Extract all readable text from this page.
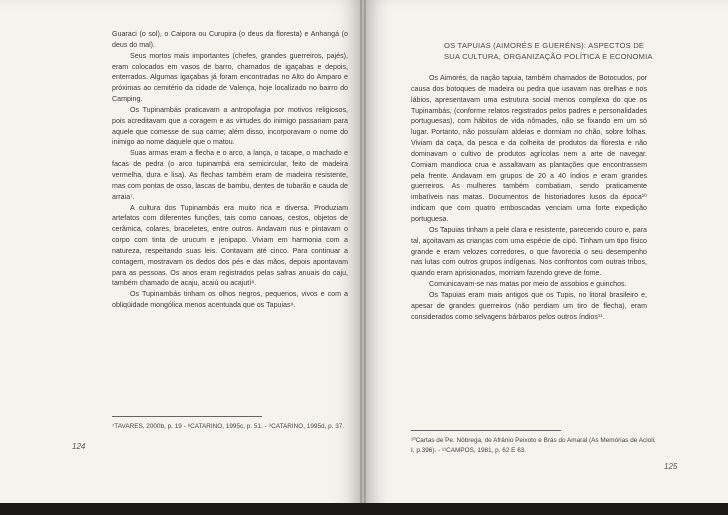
Guaraci (o sol), o Caipora ou Curupira (o deus da floresta) e Anhangá (o deus do mal).

Seus mortos mais importantes (chefes, grandes guerreiros, pajés), eram colocados em vasos de barro, chamados de igaçabas e depois, enterrados. Algumas igaçabas já foram encontradas no Alto do Amparo e próximas ao cemitério da cidade de Valença, hoje localizado no bairro do Camping.

Os Tupinambás praticavam a antropofagia por motivos religiosos, pois acreditavam que a coragem e as virtudes do inimigo passariam para aquele que comesse de sua carne; além disso, incorporavam o nome do inimigo ao nome daquele que o matou.

Suas armas eram a flecha e o arco, a lança, o tacape, o machado e facas de pedra (o arco tupinambá era semicircular, feito de madeira vermelha, dura e lisa). As flechas também eram de madeira resistente, mas com pontas de osso, lascas de bambu, dentes de tubarão e cauda de arraia⁷.

A cultura dos Tupinambás era muito rica e diversa. Produziam artefatos com diferentes funções, tais como canoas, cestos, objetos de cerâmica, colares, braceletes, entre outros. Andavam nus e pintavam o corpo com tinta de urucum e jenipapo. Viviam em harmonia com a natureza, respeitando suas leis. Contavam até cinco. Para continuar a contagem, mostravam os dedos dos pés e das mãos, depois apontavam para as pessoas. Os anos eram registrados pelas safras anuais do caju, também chamado de acaju, acaiú ou acajutí⁸.

Os Tupinambás tinham os olhos negros, pequenos, vivos e com a obliqüidade mongólica menos acentuada que os Tapuias⁹.

⁷TAVARES, 2000b, p. 19 - ⁸CATARINO, 1995c, p. 51. - ⁹CATARINO, 1995d, p. 37.
124
OS TAPUIAS (AIMORÉS E GUERÉNS): ASPECTOS DE SUA CULTURA, ORGANIZAÇÃO POLÍTICA E ECONOMIA

Os Aimorés, da nação tapuia, também chamados de Botocudos, por causa dos botoques de madeira ou pedra que usavam nas orelhas e nos lábios, apresentavam uma estrutura social menos complexa do que os Tupinambás, (conforme relatos registrados pelos padres e personalidades portuguesas), com hábitos de vida nômades, não se fixando em um só lugar. Portanto, não possuíam aldeias e dormiam no chão, sobre folhas. Viviam da caça, da pesca e da colheita de produtos da floresta e não dominavam o cultivo de produtos agrícolas nem a arte de navegar. Comiam mandioca crua e assaltavam as plantações que encontrassem pela frente. Andavam em grupos de 20 a 40 índios e eram grandes guerreiros. As mulheres também combatiam, sendo praticamente imbatíveis nas matas. Documentos de historiadores lusos da época¹⁰ indicam que com quatro emboscadas venciam uma forte expedição portuguesa.

Os Tapuias tinham a pele clara e resistente, parecendo couro e, para tal, açoitavam as crianças com uma espécie de cipó. Tinham um tipo físico grande e eram velozes corredores, o que favorecia o seu desempenho nas lutas com outros grupos indígenas. Nos confrontos com outras tribos, quando eram aprisionados, morriam fazendo greve de fome.

Comunicavam-se nas matas por meio de assobios e guinchos.

Os Tapuias eram mais antigos que os Tupis, no litoral brasileiro e, apesar de grandes guerreiros (não perdiam um tiro de flecha), eram considerados como selvagens bárbaros pelos outros índios¹¹.

¹⁰Cartas de Pe. Nóbrega, de Afrânio Peixoto e Brás do Amaral (As Memórias de Acioli, I, p.396). - ¹¹CAMPOS, 1981, p. 62 E 63.
125
